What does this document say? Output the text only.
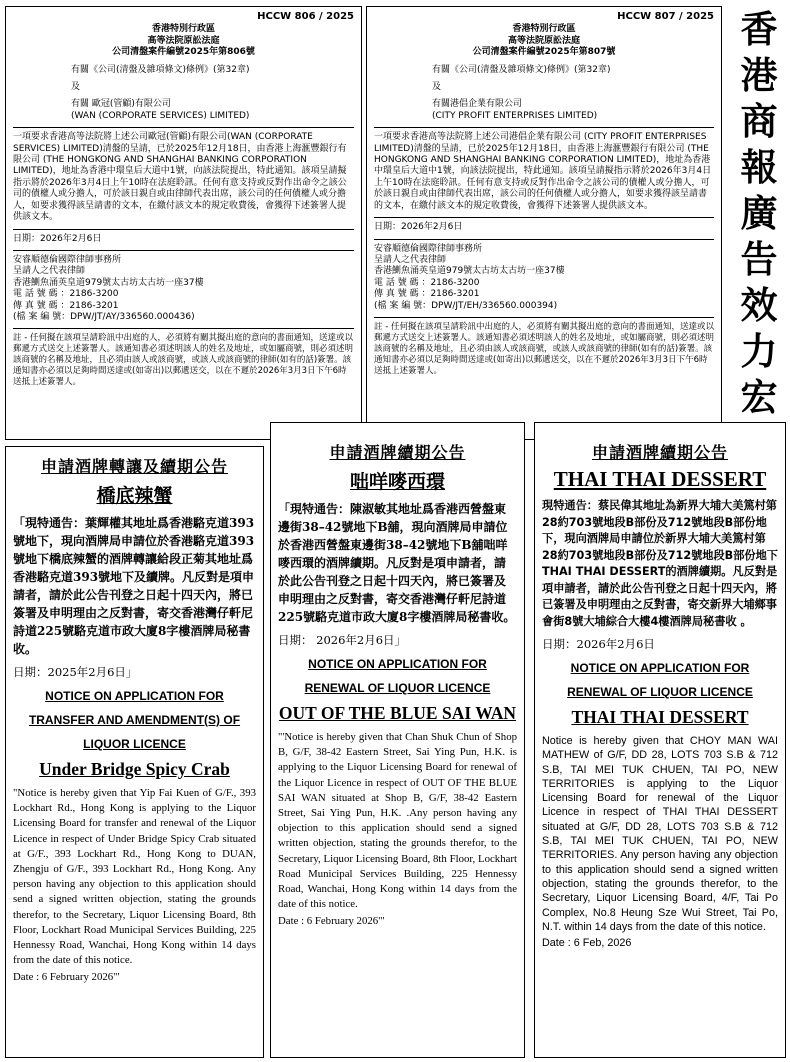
HCCW 806 / 2025
香港特別行政區
高等法院原訟法庭
公司清盤案件編號2025年第806號
有關《公司(清盤及雜項條文)條例》(第32章)
及
有關 歐冠(管顧)有限公司
(WAN (CORPORATE SERVICES) LIMITED)
一項要求香港高等法院將上述公司歐冠(管顧)有限公司(WAN (CORPORATE SERVICES) LIMITED)清盤的呈請，已於2025年12月18日，由香港上海滙豐銀行有限公司 (THE HONGKONG AND SHANGHAI BANKING CORPORATION LIMITED)，地址為香港中環皇后大道中1號，向該法院提出，特此通知。該項呈請擬指示將於2026年3月4日上午10時在法庭聆訊。任何有意支持或反對作出命令之該公司的債權人或分擔人，可於該日親自或由律師代表出席，該公司的任何債權人或分擔人，如要求獲得該呈請書的文本，在繳付該文本的規定收費後，會獲得下述簽署人提供該文本。
日期：2026年2月6日
安睿順德倫國際律師事務所
呈請人之代表律師
香港鰂魚涌英皇道979號太古坊太古坊一座37樓
電 話 號 碼 ：2186-3200
傳 真 號 碼 ：2186-3201
(檔 案 編 號：DPW/JT/AY/336560.000436)
註 - 任何擬在該項呈請聆訊中出庭的人，必須將有關其擬出庭的意向的書面通知，送達或以郵遞方式送交上述簽署人。該通知書必須述明該人的姓名及地址，或如屬商號，則必須述明該商號的名稱及地址，且必須由該人或該商號，或該人或該商號的律師(如有的話)簽署。該通知書亦必須以足夠時間送達或(如寄出)以郵遞送交，以在不遲於2026年3月3日下午6時送抵上述簽署人。
HCCW 807 / 2025
香港特別行政區
高等法院原訟法庭
公司清盤案件編號2025年第807號
有關《公司(清盤及雜項條文)條例》(第32章)
及
有關港倡企業有限公司
(CITY PROFIT ENTERPRISES LIMITED)
一項要求香港高等法院將上述公司港倡企業有限公司 (CITY PROFIT ENTERPRISES LIMITED)清盤的呈請，已於2025年12月18日，由香港上海滙豐銀行有限公司 (THE HONGKONG AND SHANGHAI BANKING CORPORATION LIMITED)，地址為香港中環皇后大道中1號，向該法院提出，特此通知。該項呈請擬指示將於2026年3月4日上午10時在法庭聆訊。任何有意支持或反對作出命令之該公司的債權人或分擔人，可於該日親自或由律師代表出席，該公司的任何債權人或分擔人，如要求獲得該呈請書的文本，在繳付該文本的規定收費後，會獲得下述簽署人提供該文本。
日期：2026年2月6日
安睿順德倫國際律師事務所
呈請人之代表律師
香港鰂魚涌英皇道979號太古坊太古坊一座37樓
電 話 號 碼 ：2186-3200
傳 真 號 碼 ：2186-3201
(檔 案 編 號：DPW/JT/EH/336560.000394)
註 - 任何擬在該項呈請聆訊中出庭的人，必須將有關其擬出庭的意向的書面通知，送達或以郵遞方式送交上述簽署人。該通知書必須述明該人的姓名及地址，或如屬商號，則必須述明該商號的名稱及地址，且必須由該人或該商號，或該人或該商號的律師(如有的話)簽署。該通知書亦必須以足夠時間送達或(如寄出)以郵遞送交，以在不遲於2026年3月3日下午6時送抵上述簽署人。
香港商報廣告效力宏
申請酒牌轉讓及續期公告
橋底辣蟹
「現特通告：葉輝權其地址爲香港駱克道393號地下，現向酒牌局申請位於香港駱克道393號地下橋底辣蟹的酒牌轉讓給段正菊其地址爲香港駱克道393號地下及續牌。凡反對是項申請者，請於此公告刊登之日起十四天內，將已簽署及申明理由之反對書，寄交香港灣仔軒尼詩道225號駱克道市政大廈8字樓酒牌局秘書收。
日期：2025年2月6日」
NOTICE ON APPLICATION FOR TRANSFER AND AMENDMENT(S) OF LIQUOR LICENCE
Under Bridge Spicy Crab
"Notice is hereby given that Yip Fai Kuen of G/F., 393 Lockhart Rd., Hong Kong is applying to the Liquor Licensing Board for transfer and renewal of the Liquor Licence in respect of Under Bridge Spicy Crab situated at G/F., 393 Lockhart Rd., Hong Kong to DUAN, Zhengju of G/F., 393 Lockhart Rd., Hong Kong. Any person having any objection to this application should send a signed written objection, stating the grounds therefor, to the Secretary, Liquor Licensing Board, 8th Floor, Lockhart Road Municipal Services Building, 225 Hennessy Road, Wanchai, Hong Kong within 14 days from the date of this notice.
Date : 6 February 2026"'
申請酒牌續期公告
咄咩嘜西環
「現特通告：陳淑敏其地址爲香港西營盤東邊街38–42號地下B舖，現向酒牌局申請位於香港西營盤東邊街38–42號地下B舖咄咩嘜西環的酒牌續期。凡反對是項申請者，請於此公告刊登之日起十四天內，將已簽署及申明理由之反對書，寄交香港灣仔軒尼詩道225號駱克道市政大廈8字樓酒牌局秘書收。
日期： 2026年2月6日」
NOTICE ON APPLICATION FOR RENEWAL OF LIQUOR LICENCE
OUT OF THE BLUE SAI WAN
"'Notice is hereby given that Chan Shuk Chun of Shop B, G/F, 38-42 Eastern Street, Sai Ying Pun, H.K. is applying to the Liquor Licensing Board for renewal of the Liquor Licence in respect of OUT OF THE BLUE SAI WAN situated at Shop B, G/F, 38-42 Eastern Street, Sai Ying Pun, H.K. .Any person having any objection to this application should send a signed written objection, stating the grounds therefor, to the Secretary, Liquor Licensing Board, 8th Floor, Lockhart Road Municipal Services Building, 225 Hennessy Road, Wanchai, Hong Kong within 14 days from the date of this notice.
Date : 6 February 2026"'
申請酒牌續期公告
THAI THAI DESSERT
現特通告：蔡民偉其地址為新界大埔大美篤村第28約703號地段B部份及712號地段B部份地下，現向酒牌局申請位於新界大埔大美篤村第28約703號地段B部份及712號地段B部份地下THAI THAI DESSERT的酒牌續期。凡反對是項申請者，請於此公告刊登之日起十四天內，將已簽署及申明理由之反對書，寄交新界大埔鄉事會街8號大埔綜合大樓4樓酒牌局秘書收 。
日期：2026年2月6日
NOTICE ON APPLICATION FOR RENEWAL OF LIQUOR LICENCE
THAI THAI DESSERT
Notice is hereby given that CHOY MAN WAI MATHEW of G/F, DD 28, LOTS 703 S.B & 712 S.B, TAI MEI TUK CHUEN, TAI PO, NEW TERRITORIES is applying to the Liquor Licensing Board for renewal of the Liquor Licence in respect of THAI THAI DESSERT situated at G/F, DD 28, LOTS 703 S.B & 712 S.B, TAI MEI TUK CHUEN, TAI PO, NEW TERRITORIES. Any person having any objection to this application should send a signed written objection, stating the grounds therefor, to the Secretary, Liquor Licensing Board, 4/F, Tai Po Complex, No.8 Heung Sze Wui Street, Tai Po, N.T. within 14 days from the date of this notice.
Date : 6 Feb, 2026
